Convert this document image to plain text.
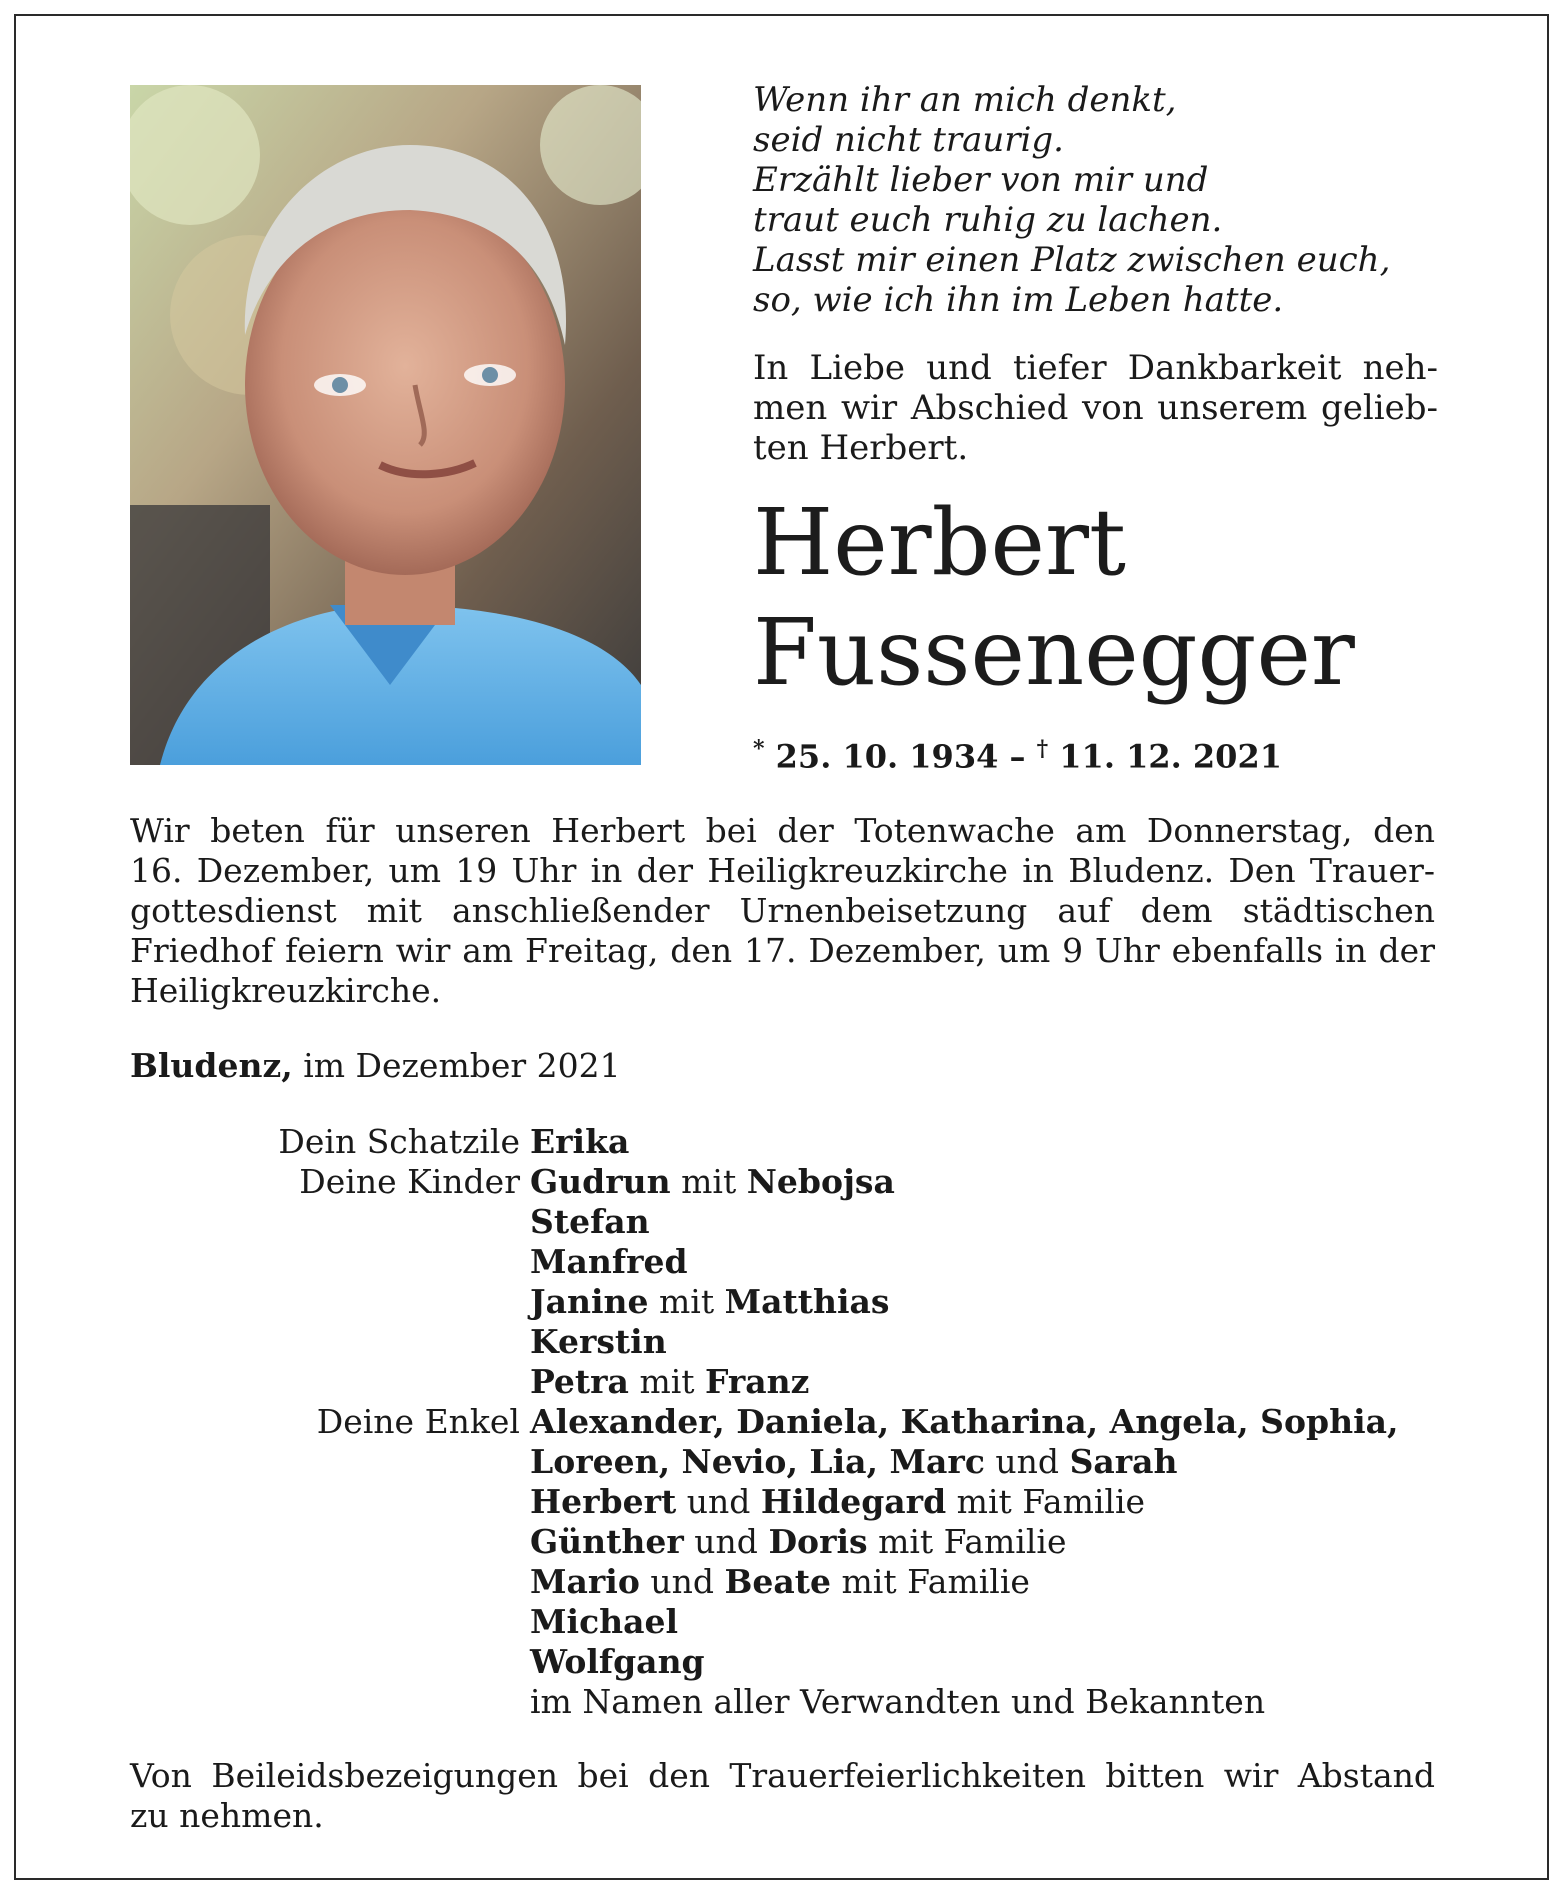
Wenn ihr an mich denkt,
seid nicht traurig.
Erzählt lieber von mir und
traut euch ruhig zu lachen.
Lasst mir einen Platz zwischen euch,
so, wie ich ihn im Leben hatte.
In Liebe und tiefer Dankbarkeit neh-
men wir Abschied von unserem gelieb-
ten Herbert.
Herbert
Fussenegger
* 25. 10. 1934 – † 11. 12. 2021
Wir beten für unseren Herbert bei der Totenwache am Donnerstag, den
16. Dezember, um 19 Uhr in der Heiligkreuzkirche in Bludenz. Den Trauer-
gottesdienst mit anschließender Urnenbeisetzung auf dem städtischen
Friedhof feiern wir am Freitag, den 17. Dezember, um 9 Uhr ebenfalls in der
Heiligkreuzkirche.
Bludenz, im Dezember 2021
Dein Schatzile Erika
Deine Kinder Gudrun mit Nebojsa
Stefan
Manfred
Janine mit Matthias
Kerstin
Petra mit Franz
Deine Enkel Alexander, Daniela, Katharina, Angela, Sophia,
Loreen, Nevio, Lia, Marc und Sarah
Herbert und Hildegard mit Familie
Günther und Doris mit Familie
Mario und Beate mit Familie
Michael
Wolfgang
im Namen aller Verwandten und Bekannten
Von Beileidsbezeigungen bei den Trauerfeierlichkeiten bitten wir Abstand
zu nehmen.
